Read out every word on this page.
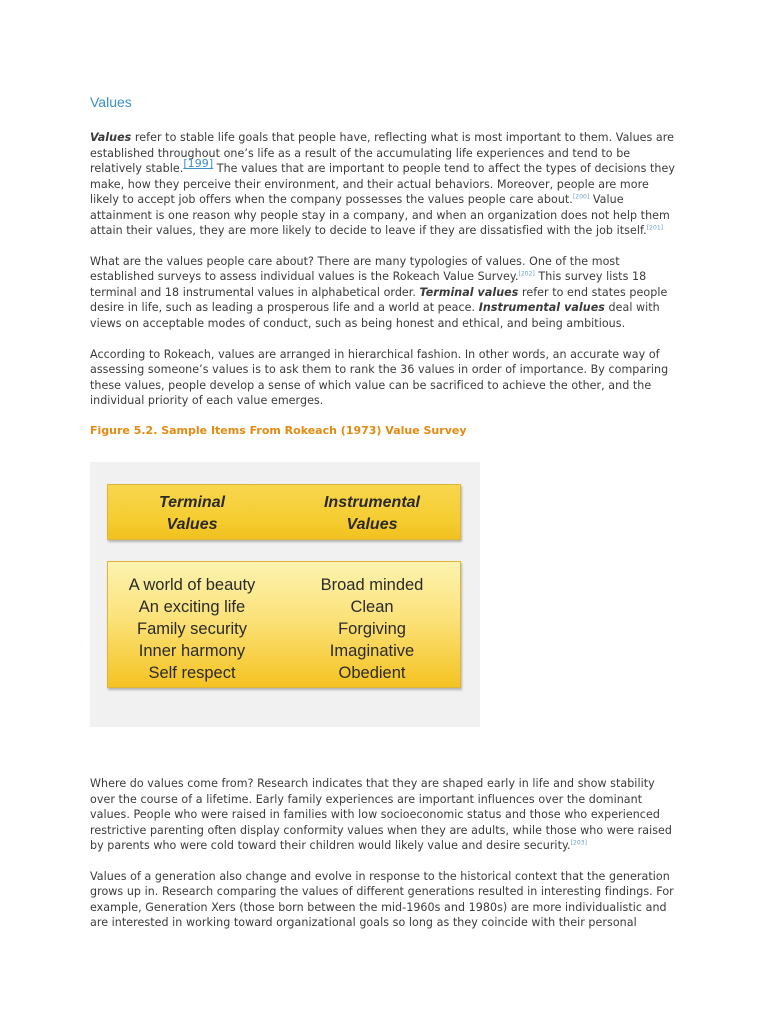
Values

Values refer to stable life goals that people have, reflecting what is most important to them. Values are established throughout one’s life as a result of the accumulating life experiences and tend to be relatively stable.[199] The values that are important to people tend to affect the types of decisions they make, how they perceive their environment, and their actual behaviors. Moreover, people are more likely to accept job offers when the company possesses the values people care about.[200] Value attainment is one reason why people stay in a company, and when an organization does not help them attain their values, they are more likely to decide to leave if they are dissatisfied with the job itself.[201]

What are the values people care about? There are many typologies of values. One of the most established surveys to assess individual values is the Rokeach Value Survey.[202] This survey lists 18 terminal and 18 instrumental values in alphabetical order. Terminal values refer to end states people desire in life, such as leading a prosperous life and a world at peace. Instrumental values deal with views on acceptable modes of conduct, such as being honest and ethical, and being ambitious.

According to Rokeach, values are arranged in hierarchical fashion. In other words, an accurate way of assessing someone’s values is to ask them to rank the 36 values in order of importance. By comparing these values, people develop a sense of which value can be sacrificed to achieve the other, and the individual priority of each value emerges.

Figure 5.2. Sample Items From Rokeach (1973) Value Survey
Terminal
Values
Instrumental
Values
A world of beauty
An exciting life
Family security
Inner harmony
Self respect
Broad minded
Clean
Forgiving
Imaginative
Obedient

Where do values come from? Research indicates that they are shaped early in life and show stability over the course of a lifetime. Early family experiences are important influences over the dominant values. People who were raised in families with low socioeconomic status and those who experienced restrictive parenting often display conformity values when they are adults, while those who were raised by parents who were cold toward their children would likely value and desire security.[203]

Values of a generation also change and evolve in response to the historical context that the generation grows up in. Research comparing the values of different generations resulted in interesting findings. For example, Generation Xers (those born between the mid-1960s and 1980s) are more individualistic and are interested in working toward organizational goals so long as they coincide with their personal
